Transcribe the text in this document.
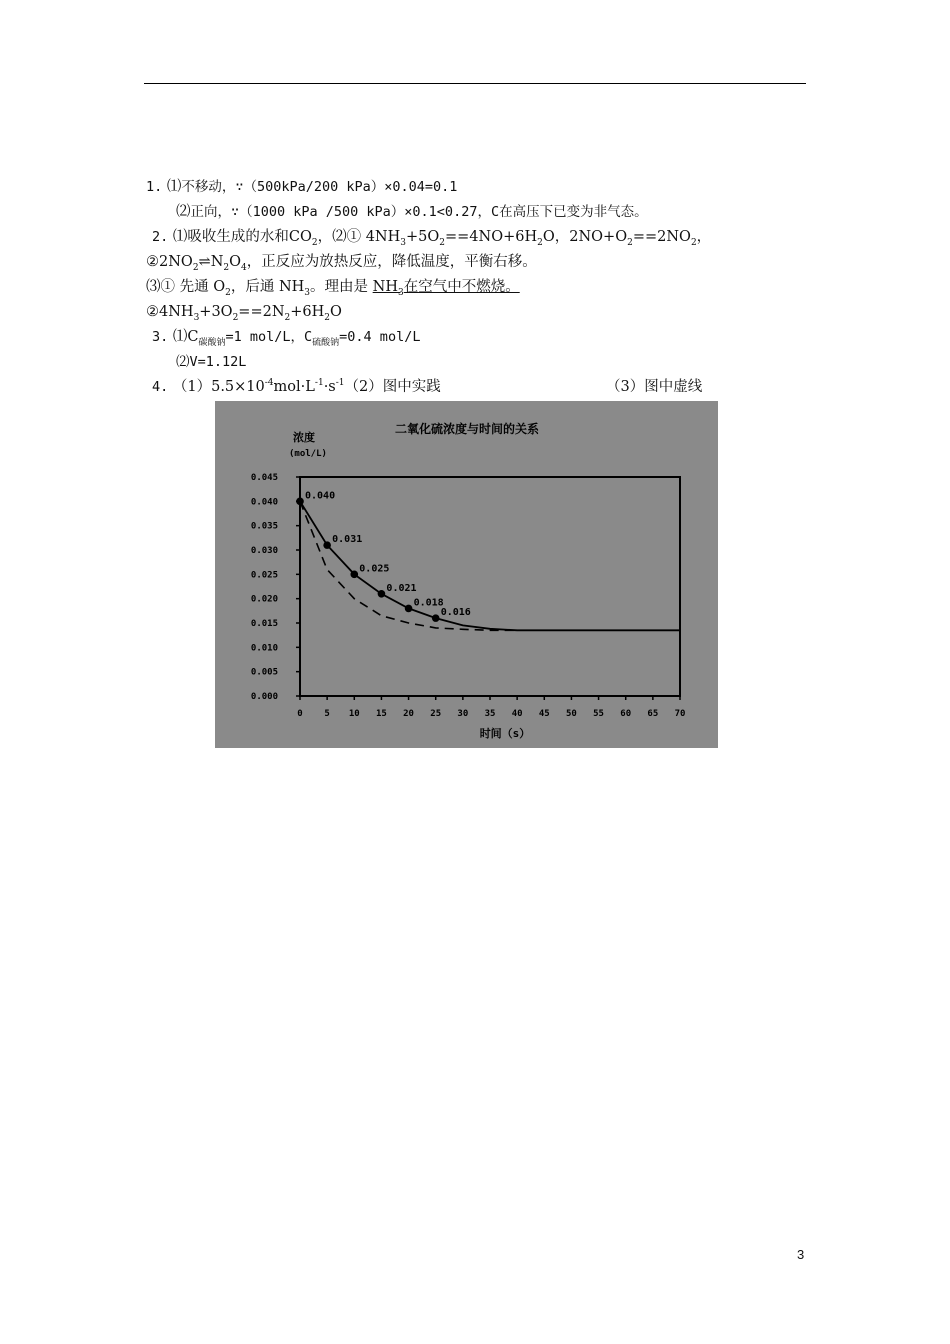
1. ⑴不移动，∵（500kPa/200 kPa）×0.04=0.1
⑵正向，∵（1000 kPa /500 kPa）×0.1<0.27，C在高压下已变为非气态。
2. ⑴吸收生成的水和$CO_2$，⑵① $4NH_3+5O_2==4NO+6H_2O$，$2NO+O_2==2NO_2$，
$②2NO_2\rightleftharpoons N_2O_4$，正反应为放热反应，降低温度，平衡右移。
⑶① 先通 $O_2$，后通 $NH_3$。理由是 $NH_3$在空气中不燃烧。
$②4NH_3+3O_2==2N_2+6H_2O$
3. $⑴C_{碳酸钠}=1$ mol/L，$C_{硫酸钠}=0.4$ mol/L
⑵V=1.12L
4. $(1)5.5\times 10^{-4}mol\cdot L^{-1}\cdot s^{-1}(2)$图中实践	（3）图中虚线
二氧化硫浓度与时间的关系
浓度
(mol/L)
时间（s）
0.000
0.005
0.010
0.015
0.020
0.025
0.030
0.035
0.040
0.045
0 5 10 15 20 25 30 35 40 45 50 55 60 65 70
0.040
0.031
0.025
0.021
0.018
0.016
3
